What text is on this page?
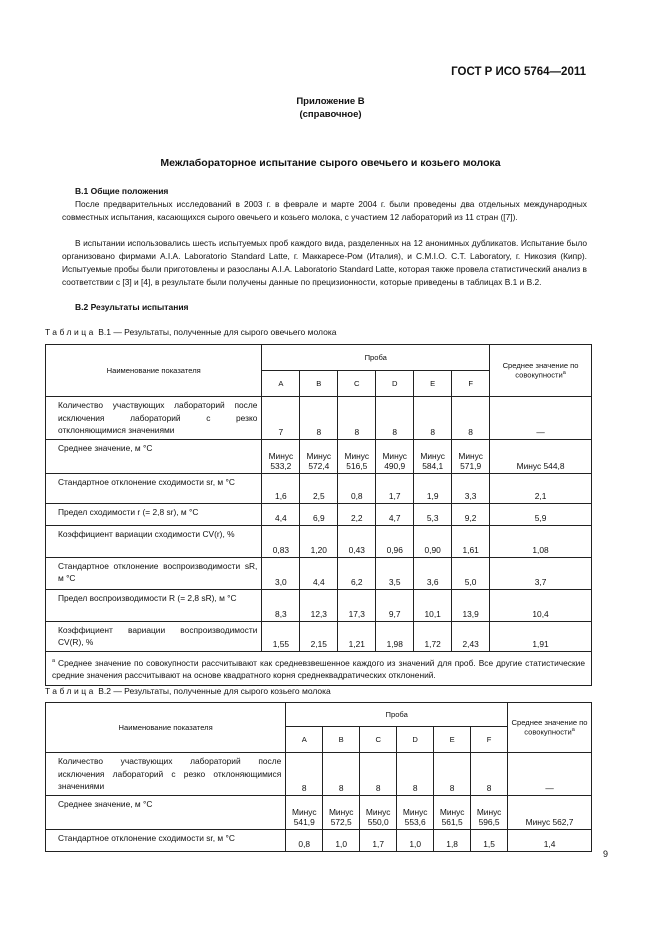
ГОСТ Р ИСО 5764—2011
Приложение В
(справочное)
Межлабораторное испытание сырого овечьего и козьего молока
В.1 Общие положения
После предварительных исследований в 2003 г. в феврале и марте 2004 г. были проведены два отдельных международных совместных испытания, касающихся сырого овечьего и козьего молока, с участием 12 лабораторий из 11 стран ([7]).
В испытании использовались шесть испытуемых проб каждого вида, разделенных на 12 анонимных дубликатов. Испытание было организовано фирмами A.I.A. Laboratorio Standard Latte, г. Маккаресе-Ром (Италия), и C.M.I.O. C.T. Laboratory, г. Никозия (Кипр). Испытуемые пробы были приготовлены и разосланы A.I.A. Laboratorio Standard Latte, которая также провела статистический анализ в соответствии с [3] и [4], в результате были получены данные по прецизионности, которые приведены в таблицах В.1 и В.2.
В.2 Результаты испытания
Таблица В.1 — Результаты, полученные для сырого овечьего молока
Наименование показателя	Проба						Среднее значение по совокупности$^a$
	A	B	C	D	E	F	
Количество участвующих лабораторий после исключения лабораторий с резко отклоняющимися значениями	7	8	8	8	8	8	—
Среднее значение, м °С	Минус 533,2	Минус 572,4	Минус 516,5	Минус 490,9	Минус 584,1	Минус 571,9	Минус 544,8
Стандартное отклонение сходимости sr, м °С	1,6	2,5	0,8	1,7	1,9	3,3	2,1
Предел сходимости r (= 2,8 sr), м °С	4,4	6,9	2,2	4,7	5,3	9,2	5,9
Коэффициент вариации сходимости CV(r), %	0,83	1,20	0,43	0,96	0,90	1,61	1,08
Стандартное отклонение воспроизводимости sR, м °С	3,0	4,4	6,2	3,5	3,6	5,0	3,7
Предел воспроизводимости R (= 2,8 sR), м °С	8,3	12,3	17,3	9,7	10,1	13,9	10,4
Коэффициент вариации воспроизводимости CV(R), %	1,55	2,15	1,21	1,98	1,72	2,43	1,91
$^a$ Среднее значение по совокупности рассчитывают как средневзвешенное каждого из значений для проб. Все другие статистические средние значения рассчитывают на основе квадратного корня среднеквадратических отклонений.							
Таблица В.2 — Результаты, полученные для сырого козьего молока
Наименование показателя	Проба						Среднее значение по совокупности$^а$
	A	B	C	D	E	F	
Количество участвующих лабораторий после исключения лабораторий с резко отклоняющимися значениями	8	8	8	8	8	8	—
Среднее значение, м °С	Минус 541,9	Минус 572,5	Минус 550,0	Минус 553,6	Минус 561,5	Минус 596,5	Минус 562,7
Стандартное отклонение сходимости sr, м °С	0,8	1,0	1,7	1,0	1,8	1,5	1,4
9
